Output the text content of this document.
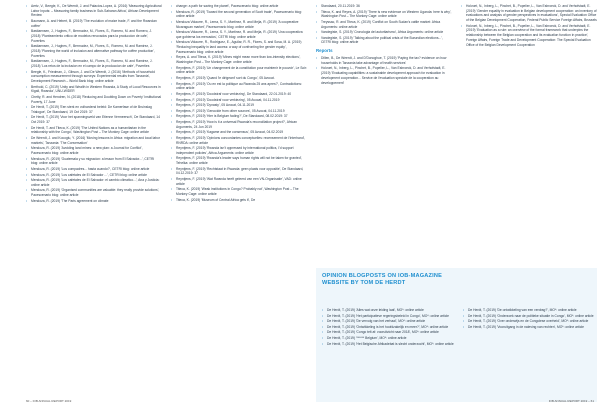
• Aertz, V., Beegle, K., De Weerdt, J. and Palacios-Lopez, A. (2016) 'Measuring Agricultural Labor Inputs: – Measuring family business in Sub-Saharan Africa', African Development Review
• Baumann, A. and Hebert, B. (2019) 'The evolution of maize trade, F. and the Rwandan coffee'
• Bastiaensen, J., Hughes, F., Bermudez, M., Flores, S., Romero, M. and Romero, J. (2018) 'Planteamiento critico de modelos renovados para la produccion de cafe', Poverties
• Bastiaensen, J., Hughes, F., Bermudez, M., Flores, S., Romero, M. and Ramirez, J. (2018) 'Planning the world of inclusion and alternative pathway for coffee production', Poverties
• Bastiaensen, J., Hughes, F., Bermudez, M., Flores, S., Romero, M. and Ramirez, J. (2018) 'Los retos de la inclusion en el campo de la produccion de cafe', Poverties
• Beegle, K., Friedman, J., Gibson, J. and De Weerdt, J. (2016) 'Methods of household consumption measurement through surveys: Experimental results from Tanzania', Development Research – World Bank blog: online article
• Berthold, C. (2019) 'Unity and Wealth in Western Rwanda, A Study of Local Resources in Kigali, Rwanda', UNU-WIDER
• Chetty, R. and Hendren, N. (2018) 'Reducing and Doubling Down on Poverty' Institutional Poverty, 17 June
• De Herdt, T. (2019) 'Een sterk en volhardend beleid: De Kamerfase of de Bruinslag Trialogue', De Standaard, 19 Oct 2019: 37
• De Herdt, T. (2019) 'Voor het spanningsveld van Etienne Vermeersch', De Standaard, 14 Oct 2019: 37
• De Herdt, T. and Titeca, K. (2019) 'The United Nations as a humanitarian in the relationship with the Congo', Washington Post – The Monkey Cage: online article
• De Weerdt, J. and Kocoglu, Y. (2016) 'Moving lessons in Africa: migration and local labor markets', Tanzania: 'The Conversation'
• Mendoza, R. (2019) 'Avoiding land mines: a new plan: a Journal for Conflict', Pacescenario blog: online article
• Mendoza, R. (2019) 'Guatemala y su migracion: a lesson from El Salvador...', CETRI blog: online article
• Mendoza, R. (2019) 'Los compadres... hasta cuando?', CETRI blog: online article
• Mendoza, R. (2019) 'Los cafetales de El Salvador ...', CETRI blog: online article
• Mendoza, R. (2019) 'Los cafetales de El Salvador: el cambio climatico...', Ana y Justicia: online article
• Mendoza, R. (2019) 'Organised communities are valuable: they really provide solutions', Pacescenario blog: online article
• Mendoza, R. (2019) 'The Paris agreement on climate
• change: a path for saving the planet', Pacescenario blog: online article
• Mendoza, R. (2019) 'Toward the second generation of Scott trade', Pacescenario blog: online article
• Mendoza Vidaurre, R., Lema, S. Y., Martinez, R. and Mejia, R. (2019) 'A cooperative Nicaraguan market', Pacescenario blog: online article
• Mendoza Vidaurre, R., Lema, S. Y., Martinez, R. and Mejia, R. (2019) 'Una cooperativa que gobierna los mercados', CETRI blog: online article
• Mendoza Vidaurre, R., Rodriguez, E., Aguilar, R. R., Flores, S. and Sosa, M. A. (2019) 'Reducing inequality in land access: a way of confronting the gender equity', Pacescenario blog: online article
• Reyes, A. and Titeca, K. (2019) 'Mines might mean more than low-intensity elections', Washington Post – The Monkey Cage: online article
• Reyntjens, F. (2019) 'Un changement de la constitution pour maintenir le pouvoir', Le Soir: online article
• Reyntjens, F. (2019) 'Quand 'le dirigeant' sort du Congo', 05 Avocat.
• Reyntjens, F. (2019) 'Ou en est la politique au Rwanda 25 ans apres?', Contradictions: online article
• Reyntjens, F. (2019) 'Doodstraf voor verkiezing', De Standaard, 22.01.2019: 40
• Reyntjens, F. (2019) 'Doodstraf voor verkiezing', 05 Avocat, 04.11.2019
• Reyntjens, F. (2019) 'Dynasty', 05 Avocat, 04.11.2019
• Reyntjens, F. (2019) 'Genocide from other sources', 05 Avocat, 04.11.2019
• Reyntjens, F. (2019) 'Hier is Belgium fading?', De Standaard, 08.02.2019: 37
• Reyntjens, F. (2019) 'How is it a universal Rwanda's reconciliation project?', African Arguments, 24 Jun 2019
• Reyntjens, F. (2019) 'Kagame and the consensus', 05 Avocat, 04.02.2019
• Reyntjens, F. (2019) 'Opinions concordantes conceptuelles: recensement de l'Interhand', RNRDA: online article
• Reyntjens, F. (2019) 'Rwanda isn't oppressed by international politics, I'd support independent policies', Africa Arguments: online article
• Reyntjens, F. (2019) 'Rwanda's leader says human rights will not be taken for granted', Tehelka: online article
• Reyntjens, F. (2019) 'Rechtstaat in Rwanda: geen plaats voor oppositie', De Standaard, 04.12.2019: 37
• Reyntjens, F. (2019) 'Wat Rwanda heeft geleerd van een VN-Organisatie', VAD: online article
• Titeca, K. (2019) 'Weak institutions in Congo? Probably not', Washington Post – The Monkey Cage: online article
• Titeca, K. (2019) 'Museum of Central Africa gets it', De
• Standaard, 20.11.2019: 36
• Titeca, K. and Reyes, A. (2019) 'There is new evidence on Western Uganda: here is why', Washington Post – The Monkey Cage: online article
• Treyssac, R. and Titeca, K. (2019) 'Conflict on South Sudan's cattle market: Africa Arguments: online article
• Vandegiste, S. (2019) 'Cronologia del autoritarismo', Africa Arguments: online article
• Vandegiste, S. (2019) 'Talking about the political crisis of the Burundian elections...', CETRI blog: online article
Reports
• Dillen, B., De Weerdt, J. and D'Donoghue, T. (2019) 'Paying the tax? evidence on how households in Tanzania take advantage of health services'
• Holvoet, N., Inberg, L., Pinchet, B., Popelier, L., Van Esbroeck, D. and Verhofstadt, E. (2019) 'Evaluating capabilities: a sustainable development approach for evaluation in development cooperation... Service de l'evaluation speciale de la cooperation au developpement'
• Holvoet, N., Inberg, L., Pinchet, B., Popelier, L., Van Esbroeck, D. and Verhofstadt, E. (2019) 'Gender equality in evaluation in Belgian development cooperation: an inventory of evaluations and analysis of gender perspectives in evaluations', Special Evaluation Office of the Belgian Development Cooperation, Federal Public Service Foreign Affairs, Brussels
• Holvoet, N., Inberg, L., Pinchet, B., Popelier, L., Van Esbroeck, D. and Verhofstadt, E. (2019) 'Evaluation as a rule: an overview of the formal framework that underpins the relationship between the Belgian cooperation and its evaluation function in practice', Foreign Affairs, Foreign Trade and Development Cooperation: The Special Evaluation Office of the Belgian Development Cooperation
OPINION BLOGPOSTS ON IOB-MAGAZINE WEBSITE BY TOM DE HERDT
• De Herdt, T. (2019) 'Alles wat onze leiding laat', MO*: online article
• De Herdt, T. (2019) 'Het participatieve regeringsbeleid in Congo', MO*: online article
• De Herdt, T. (2019) 'De vervolg van het verhaal', MO*: online article
• De Herdt, T. (2019) 'Ontwikkeling is het hoofdzakelijk en meer?', MO*: online article
• De Herdt, T. (2019) 'Congo telt af: vooruitzicht naar 2018', MO*: online article
• De Herdt, T. (2019) '****** Belgium', MO*: online article
• De Herdt, T. (2019) 'Het Belgische Afrikadebat is slecht onderzocht', MO*: online article
• De Herdt, T. (2019) 'De ontwikkeling van een verdrag?', MO*: online article
• De Herdt, T. (2019) 'Onderzoek naar de politieke situatie in Congo', MO*: online article
• De Herdt, T. (2019) 'Over onderwijs en de Congolese overheid', MO*: online article
• De Herdt, T. (2019) 'Vooruitgang in de naleving van rechten', MO*: online article
60 – IOB ANNUAL REPORT 2019	IOB ANNUAL REPORT 2019 – 61
